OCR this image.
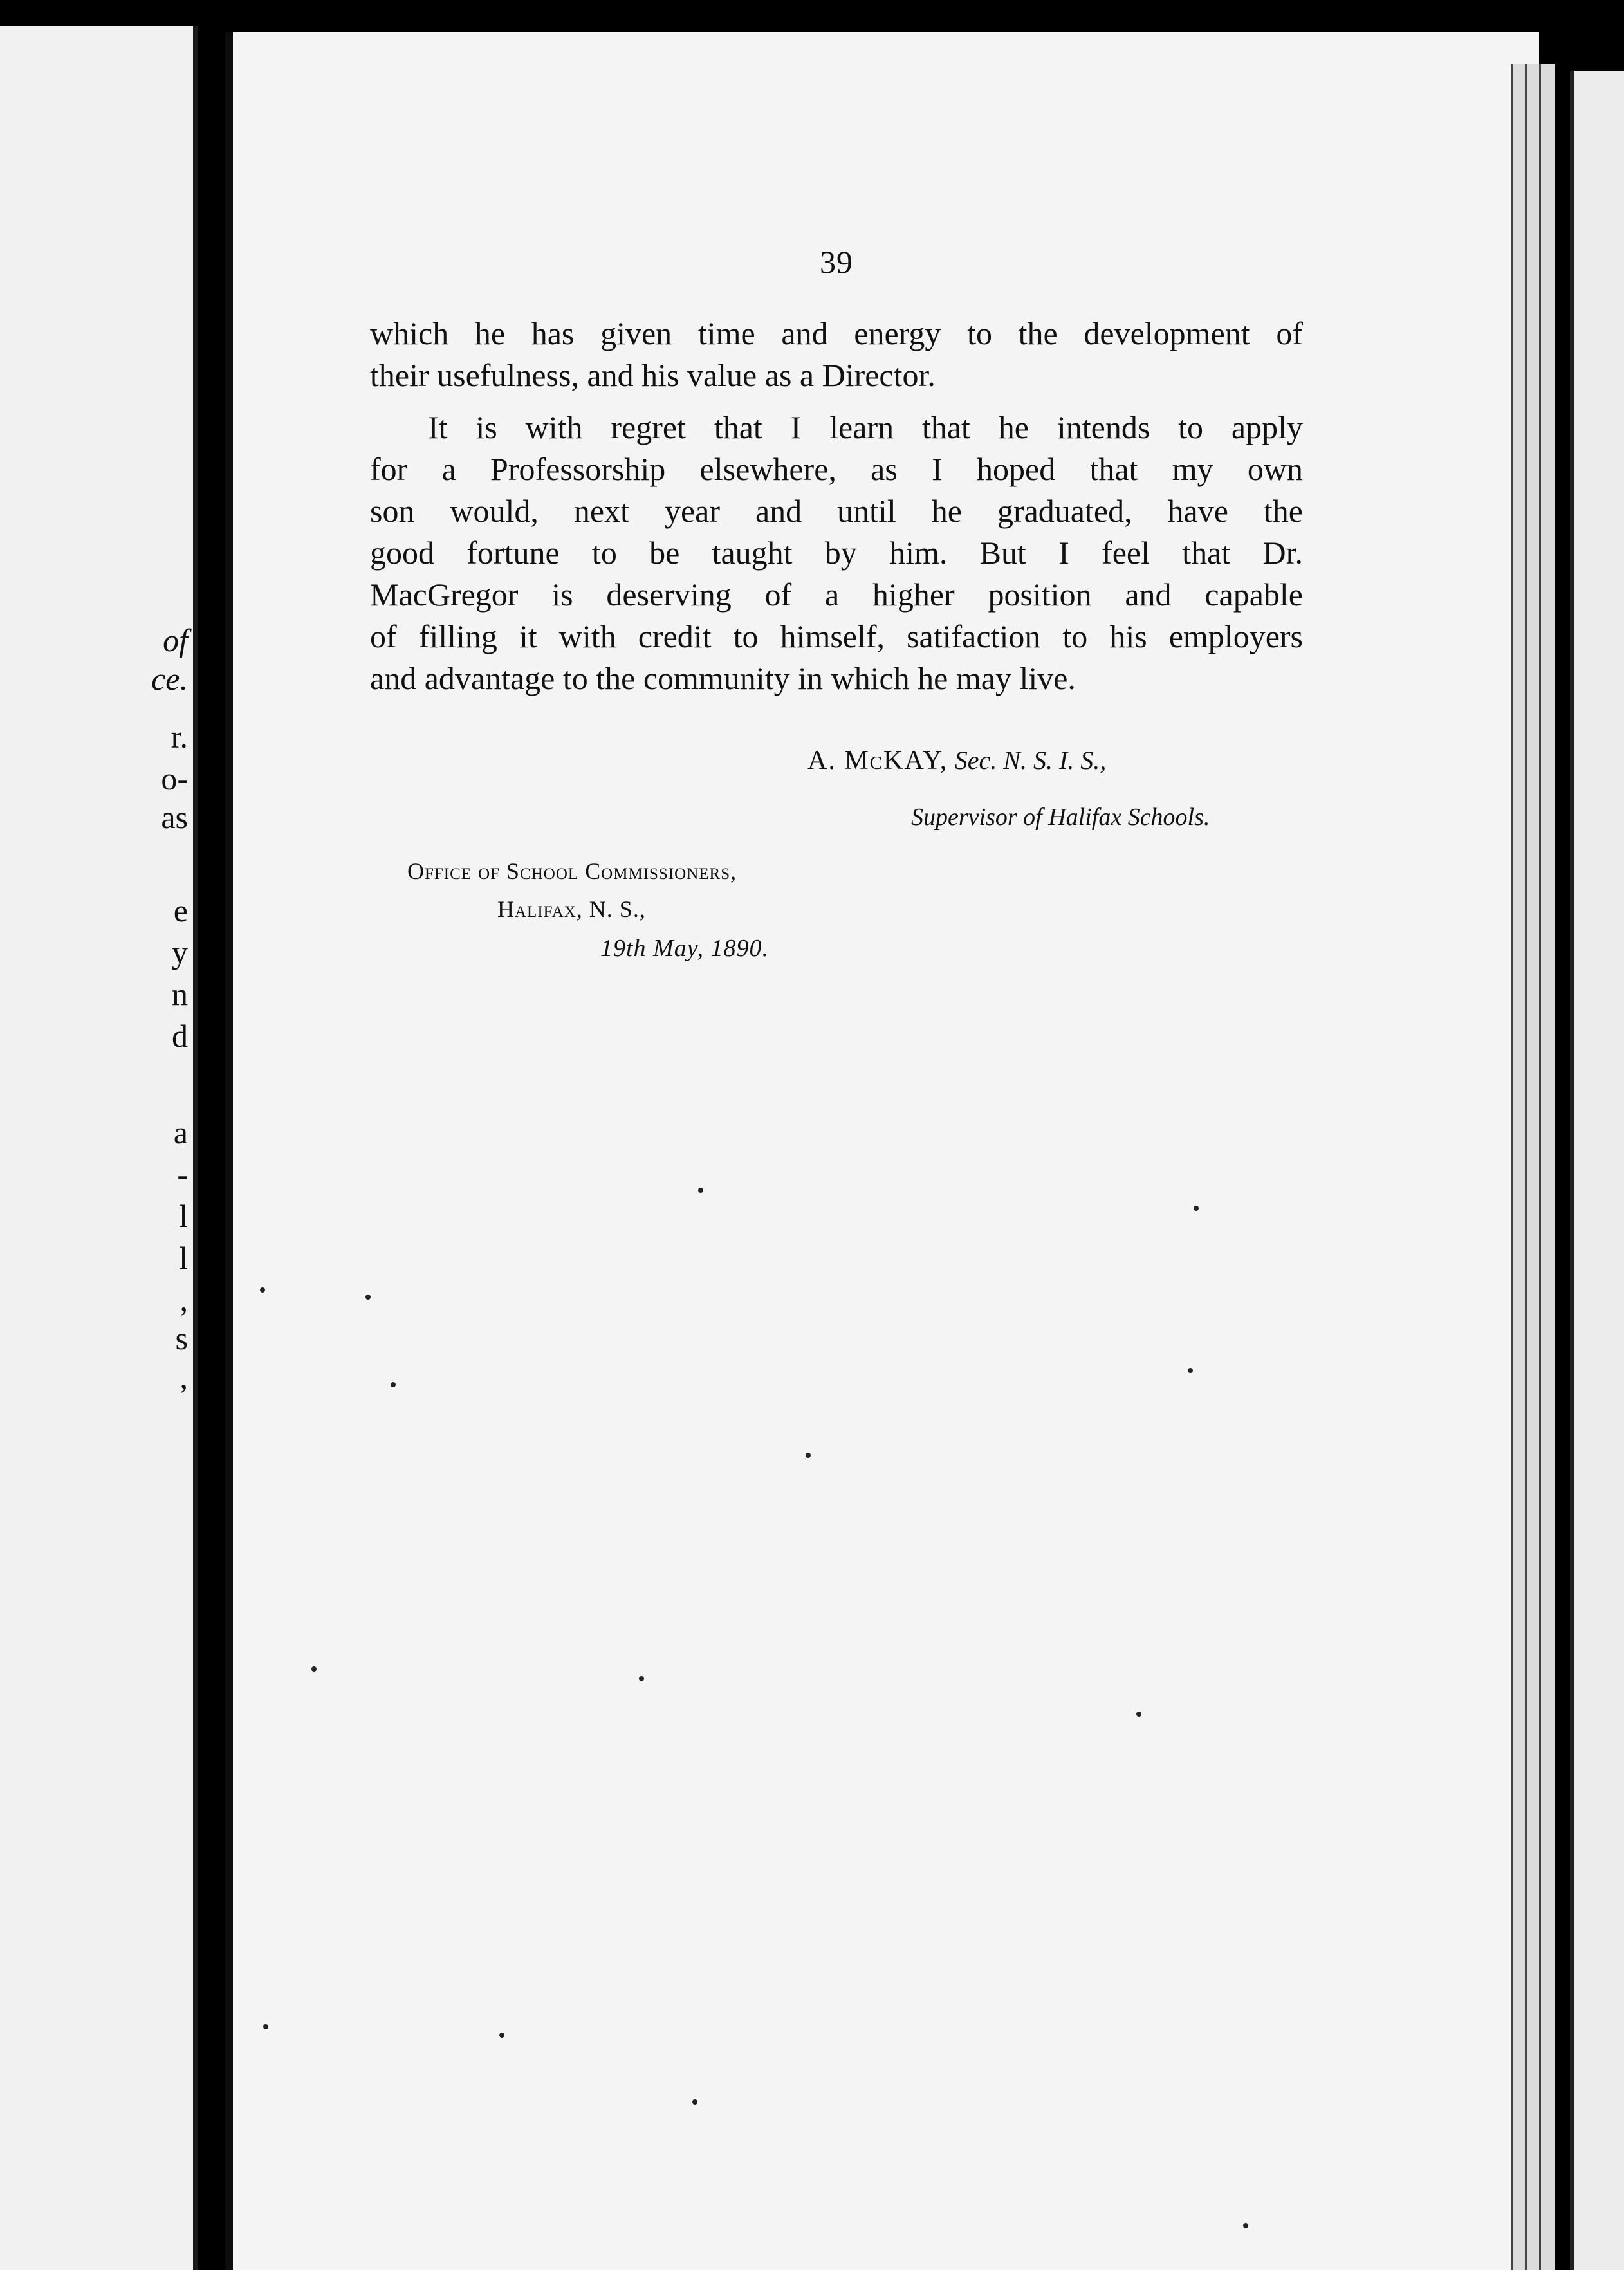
of
ce.
r.
o-
as
e
y
n
d
a
-
l
l
,
s
,
39
which he has given time and energy to the development of
their usefulness, and his value as a Director.
It is with regret that I learn that he intends to apply
for a Professorship elsewhere, as I hoped that my own
son would, next year and until he graduated, have the
good fortune to be taught by him. But I feel that Dr.
MacGregor is deserving of a higher position and capable
of filling it with credit to himself, satifaction to his employers
and advantage to the community in which he may live.
A. McKAY, Sec. N. S. I. S.,
Supervisor of Halifax Schools.
Office of School Commissioners,
Halifax, N. S.,
19th May, 1890.
